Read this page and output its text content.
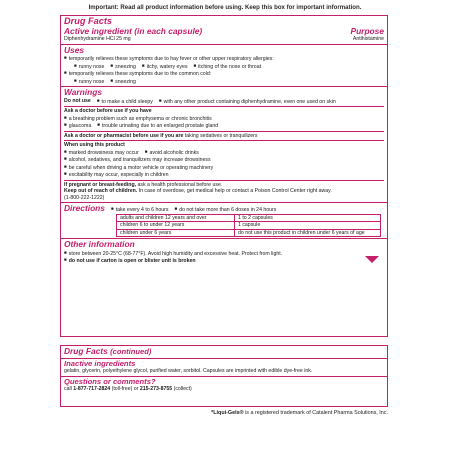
Important: Read all product information before using. Keep this box for important information.
Drug Facts
Active ingredient (in each capsule)	Purpose
Diphenhydramine HCl 25 mg	Antihistamine
Uses
■ temporarily relieves these symptoms due to hay fever or other upper respiratory allergies:
■ runny nose	■ sneezing	■ itchy, watery eyes	■ itching of the nose or throat
■ temporarily relieves these symptoms due to the common cold:
■ runny nose	■ sneezing
Warnings
Do not use	■ to make a child sleepy	■ with any other product containing diphenhydramine, even one used on skin
Ask a doctor before use if you have
■ a breathing problem such as emphysema or chronic bronchitis
■ glaucoma	■ trouble urinating due to an enlarged prostate gland
Ask a doctor or pharmacist before use if you are taking sedatives or tranquilizers
When using this product
■ marked drowsiness may occur	■ avoid alcoholic drinks
■ alcohol, sedatives, and tranquilizers may increase drowsiness
■ be careful when driving a motor vehicle or operating machinery
■ excitability may occur, especially in children
If pregnant or breast-feeding, ask a health professional before use.
Keep out of reach of children. In case of overdose, get medical help or contact a Poison Control Center right away.
(1-800-222-1222)
Directions	■ take every 4 to 6 hours	■ do not take more than 6 doses in 24 hours
adults and children 12 years and over	1 to 2 capsules
children 6 to under 12 years	1 capsule
children under 6 years	do not use this product in children under 6 years of age
Other information
■ store between 20-25°C (68-77°F). Avoid high humidity and excessive heat. Protect from light.
■ do not use if carton is open or blister unit is broken
Drug Facts (continued)
Inactive ingredients
gelatin, glycerin, polyethylene glycol, purified water, sorbitol. Capsules are imprinted with edible dye-free ink.
Questions or comments?
call 1-877-717-2824 (toll-free) or 215-273-8755 (collect)
*Liqui-Gels® is a registered trademark of Catalent Pharma Solutions, Inc.
